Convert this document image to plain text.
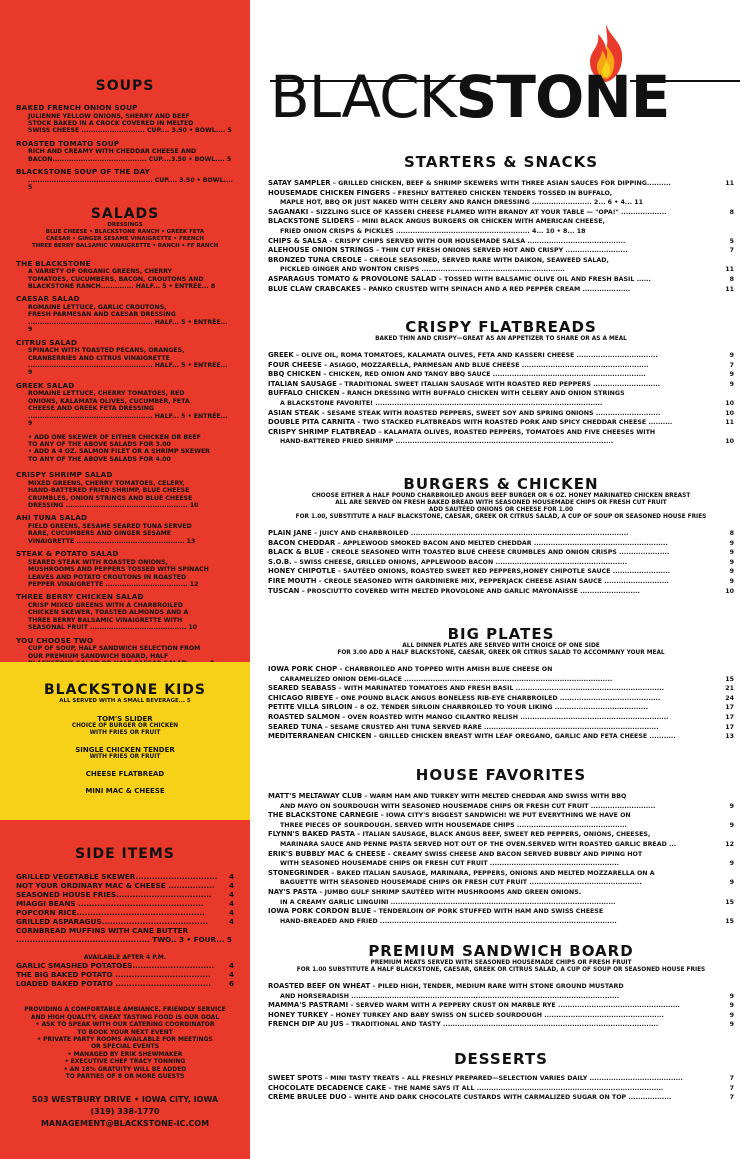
SOUPS
BAKED FRENCH ONION SOUP
JULIENNE YELLOW ONIONS, SHERRY AND BEEF
STOCK BAKED IN A CROCK COVERED IN MELTED
SWISS CHEESE ........................... CUP.... 3.50 • BOWL.... 5
ROASTED TOMATO SOUP
RICH AND CREAMY WITH CHEDDAR CHEESE AND
BACON........................................ CUP....3.50 • BOWL.... 5
BLACKSTONE SOUP OF THE DAY
..................................................... CUP.... 3.50 • BOWL.... 5
SALADS
DRESSINGS
BLUE CHEESE • BLACKSTONE RANCH • GREEK FETA
CAESAR • GINGER SESAME VINAIGRETTE • FRENCH
THREE BERRY BALSAMIC VINAIGRETTE • RANCH • FF RANCH
THE BLACKSTONE
A VARIETY OF ORGANIC GREENS, CHERRY
TOMATOES, CUCUMBERS, BACON, CROUTONS AND
BLACKSTONE RANCH.............. HALF... 5 • ENTRÉE... 8
CAESAR SALAD
ROMAINE LETTUCE, GARLIC CROUTONS,
FRESH PARMESAN AND CAESAR DRESSING
..................................................... HALF... 5 • ENTRÉE... 9
CITRUS SALAD
SPINACH WITH TOASTED PECANS, ORANGES,
CRANBERRIES AND CITRUS VINAIGRETTE
..................................................... HALF... 5 • ENTRÉE... 9
GREEK SALAD
ROMAINE LETTUCE, CHERRY TOMATOES, RED
ONIONS, KALAMATA OLIVES, CUCUMBER, FETA
CHEESE AND GREEK FETA DRESSING
..................................................... HALF... 5 • ENTRÉE... 9
• ADD ONE SKEWER OF EITHER CHICKEN OR BEEF
TO ANY OF THE ABOVE SALADS FOR 3.00
• ADD A 4 OZ. SALMON FILET OR A SHRIMP SKEWER
TO ANY OF THE ABOVE SALADS FOR 4.00
CRISPY SHRIMP SALAD
MIXED GREENS, CHERRY TOMATOES, CELERY,
HAND-BATTERED FRIED SHRIMP, BLUE CHEESE
CRUMBLES, ONION STRINGS AND BLUE CHEESE
DRESSING .................................................... 10
AHI TUNA SALAD
FIELD GREENS, SESAME SEARED TUNA SERVED
RARE, CUCUMBERS AND GINGER SESAME
VINAIGRETTE .............................................. 13
STEAK & POTATO SALAD
SEARED STEAK WITH ROASTED ONIONS,
MUSHROOMS AND PEPPERS TOSSED WITH SPINACH
LEAVES AND POTATO CROUTONS IN ROASTED
PEPPER VINAIGRETTE ................................... 12
THREE BERRY CHICKEN SALAD
CRISP MIXED GREENS WITH A CHARBROILED
CHICKEN SKEWER, TOASTED ALMONDS AND A
THREE BERRY BALSAMIC VINAIGRETTE WITH
SEASONAL FRUIT ......................................... 10
YOU CHOOSE TWO
CUP OF SOUP, HALF SANDWICH SELECTION FROM
OUR PREMIUM SANDWICH BOARD, HALF
BLACKSTONE KIDS
ALL SERVED WITH A SMALL BEVERAGE... 5
TOM'S SLIDER
CHOICE OF BURGER OR CHICKEN
WITH FRIES OR FRUIT
SINGLE CHICKEN TENDER
WITH FRIES OR FRUIT
CHEESE FLATBREAD
MINI MAC & CHEESE
SIDE ITEMS
GRILLED VEGETABLE SKEWER.............................. 4
NOT YOUR ORDINARY MAC & CHEESE ................. 4
SEASONED HOUSE FRIES................................... 4
MIAGGI BEANS ..............................................	4
POPCORN RICE...............................................	4
GRILLED ASPARAGUS.......................................	4
CORNBREAD MUFFINS WITH CANE BUTTER
................................................. TWO.. 3 • FOUR... 5
AVAILABLE AFTER 4 P.M.
GARLIC SMASHED POTATOES.............................. 4
THE BIG BAKED POTATO ...................................	4
LOADED BAKED POTATO ...................................	6
PROVIDING A COMFORTABLE AMBIANCE, FRIENDLY SERVICE
AND HIGH QUALITY, GREAT TASTING FOOD IS OUR GOAL
• ASK TO SPEAK WITH OUR CATERING COORDINATOR
TO BOOK YOUR NEXT EVENT
• PRIVATE PARTY ROOMS AVAILABLE FOR MEETINGS
OR SPECIAL EVENTS
• MANAGED BY ERIK SHEWMAKER
• EXECUTIVE CHEF TRACY TONNING
• AN 18% GRATUITY WILL BE ADDED
TO PARTIES OF 8 OR MORE GUESTS
503 WESTBURY DRIVE • IOWA CITY, IOWA
(319) 338-1770
MANAGEMENT@BLACKSTONE-IC.COM
BLACKSTONE
STARTERS & SNACKS
SATAY SAMPLER – GRILLED CHICKEN, BEEF & SHRIMP SKEWERS WITH THREE ASIAN SAUCES FOR DIPPING..........	11
HOUSEMADE CHICKEN FINGERS – FRESHLY BATTERED CHICKEN TENDERS TOSSED IN BUFFALO,
MAPLE HOT, BBQ OR JUST NAKED WITH CELERY AND RANCH DRESSING ......................... 2... 6 • 4... 11
SAGANAKI – SIZZLING SLICE OF KASSERI CHEESE FLAMED WITH BRANDY AT YOUR TABLE — "OPA!" ...................	8
BLACKSTONE SLIDERS – MINI BLACK ANGUS BURGERS OR CHICKEN WITH AMERICAN CHEESE,
FRIED ONION CRISPS & PICKLES ........................................................ 4... 10 • 8... 18
CHIPS & SALSA – CRISPY CHIPS SERVED WITH OUR HOUSEMADE SALSA .........................................	5
ALEHOUSE ONION STRINGS – THIN CUT FRESH ONIONS SERVED HOT AND CRISPY ..........................	7
BRONZED TUNA CREOLE – CREOLE SEASONED, SERVED RARE WITH DAIKON, SEAWEED SALAD,
PICKLED GINGER AND WONTON CRISPS ............................................................	11
ASPARAGUS TOMATO & PROVOLONE SALAD – TOSSED WITH BALSAMIC OLIVE OIL AND FRESH BASIL ......	8
BLUE CLAW CRABCAKES – PANKO CRUSTED WITH SPINACH AND A RED PEPPER CREAM ....................	11
CRISPY FLATBREADS
BAKED THIN AND CRISPY—GREAT AS AN APPETIZER TO SHARE OR AS A MEAL
GREEK – OLIVE OIL, ROMA TOMATOES, KALAMATA OLIVES, FETA AND KASSERI CHEESE ..................................	9
FOUR CHEESE – ASIAGO, MOZZARELLA, PARMESAN AND BLUE CHEESE .....................................................	7
BBQ CHICKEN – CHICKEN, RED ONION AND TANGY BBQ SAUCE ................................................................	9
ITALIAN SAUSAGE – TRADITIONAL SWEET ITALIAN SAUSAGE WITH ROASTED RED PEPPERS ............................	9
BUFFALO CHICKEN – RANCH DRESSING WITH BUFFALO CHICKEN WITH CELERY AND ONION STRINGS
A BLACKSTONE FAVORITE! ...............................................................................................	10
ASIAN STEAK – SESAME STEAK WITH ROASTED PEPPERS, SWEET SOY AND SPRING ONIONS ...........................	10
DOUBLE PITA CARNITA – TWO STACKED FLATBREADS WITH ROASTED PORK AND SPICY CHEDDAR CHEESE ..........	11
CRISPY SHRIMP FLATBREAD – KALAMATA OLIVES, ROASTED PEPPERS, TOMATOES AND FIVE CHEESES WITH
HAND-BATTERED FRIED SHRIMP ...........................................................................................	10
BURGERS & CHICKEN
CHOOSE EITHER A HALF POUND CHARBROILED ANGUS BEEF BURGER OR 6 OZ. HONEY MARINATED CHICKEN BREAST
ALL ARE SERVED ON FRESH BAKED BREAD WITH SEASONED HOUSEMADE CHIPS OR FRESH CUT FRUIT
ADD SAUTÉED ONIONS OR CHEESE FOR 1.00
FOR 1.00, SUBSTITUTE A HALF BLACKSTONE, CAESAR, GREEK OR CITRUS SALAD, A CUP OF SOUP OR SEASONED HOUSE FRIES
PLAIN JANE – JUICY AND CHARBROILED ...........................................................................................	8
BACON CHEDDAR – APPLEWOOD SMOKED BACON AND MELTED CHEDDAR ........................................................	9
BLACK & BLUE – CREOLE SEASONED WITH TOASTED BLUE CHEESE CRUMBLES AND ONION CRISPS .....................	9
S.O.B. – SWISS CHEESE, GRILLED ONIONS, APPLEWOOD BACON .......................................................	9
HONEY CHIPOTLE – SAUTÉED ONIONS, ROASTED SWEET RED PEPPERS,HONEY CHIPOTLE SAUCE ........................	9
FIRE MOUTH – CREOLE SEASONED WITH GARDINIERE MIX, PEPPERJACK CHEESE ASIAN SAUCE ...........................	9
TUSCAN – PROSCIUTTO COVERED WITH MELTED PROVOLONE AND GARLIC MAYONAISSE .........................	10
BIG PLATES
ALL DINNER PLATES ARE SERVED WITH CHOICE OF ONE SIDE
FOR 3.00 ADD A HALF BLACKSTONE, CAESAR, GREEK OR CITRUS SALAD TO ACCOMPANY YOUR MEAL
IOWA PORK CHOP – CHARBROILED AND TOPPED WITH AMISH BLUE CHEESE ON
CARAMELIZED ONION DEMI-GLACE .......................................................................................	15
SEARED SEABASS – WITH MARINATED TOMATOES AND FRESH BASIL ..............................................................	21
CHICAGO RIBEYE – ONE POUND BLACK ANGUS BONELESS RIB-EYE CHARBROILED ..........................................	24
PETITE VILLA SIRLOIN – 8 OZ. TENDER SIRLOIN CHARBROILED TO YOUR LIKING .......................................	17
ROASTED SALMON – OVEN ROASTED WITH MANGO CILANTRO RELISH ..............................................................	17
SEARED TUNA – SESAME CRUSTED AHI TUNA SERVED RARE .........................................................................	17
MEDITERRANEAN CHICKEN – GRILLED CHICKEN BREAST WITH LEAF OREGANO, GARLIC AND FETA CHEESE ...........	13
HOUSE FAVORITES
MATT'S MELTAWAY CLUB – WARM HAM AND TURKEY WITH MELTED CHEDDAR AND SWISS WITH BBQ
AND MAYO ON SOURDOUGH WITH SEASONED HOUSEMADE CHIPS OR FRESH CUT FRUIT ...........................	9
THE BLACKSTONE CARNEGIE – IOWA CITY'S BIGGEST SANDWICH! WE PUT EVERYTHING WE HAVE ON
THREE PIECES OF SOURDOUGH. SERVED WITH HOUSEMADE CHIPS ..............................................	9
FLYNN'S BAKED PASTA – ITALIAN SAUSAGE, BLACK ANGUS BEEF, SWEET RED PEPPERS, ONIONS, CHEESES,
MARINARA SAUCE AND PENNE PASTA SERVED HOT OUT OF THE OVEN.SERVED WITH ROASTED GARLIC BREAD ...	12
ERIK'S BUBBLY MAC & CHEESE – CREAMY SWISS CHEESE AND BACON SERVED BUBBLY AND PIPING HOT
WITH SEASONED HOUSEMADE CHIPS OR FRESH CUT FRUIT ......................................................	9
STONEGRINDER – BAKED ITALIAN SAUSAGE, MARINARA, PEPPERS, ONIONS AND MELTED MOZZARELLA ON A
BAGUETTE WITH SEASONED HOUSEMADE CHIPS OR FRESH CUT FRUIT ...............................................	9
NAY'S PASTA – JUMBO GULF SHRIMP SAUTÉED WITH MUSHROOMS AND GREEN ONIONS.
IN A CREAMY GARLIC LINGUINI ..............................................................................................	15
IOWA PORK CORDON BLUE – TENDERLOIN OF PORK STUFFED WITH HAM AND SWISS CHEESE
HAND-BREADED AND FRIED ...................................................................................................	15
PREMIUM SANDWICH BOARD
PREMIUM MEATS SERVED WITH SEASONED HOUSEMADE CHIPS OR FRESH FRUIT
FOR 1.00 SUBSTITUTE A HALF BLACKSTONE, CAESAR, GREEK OR CITRUS SALAD, A CUP OF SOUP OR SEASONED HOUSE FRIES
ROASTED BEEF ON WHEAT – PILED HIGH, TENDER, MEDIUM RARE WITH STONE GROUND MUSTARD
AND HORSERADISH ................................................................................................................	9
MAMMA'S PASTRAMI – SERVED WARM WITH A PEPPERY CRUST ON MARBLE RYE ...................................................	9
HONEY TURKEY – HONEY TURKEY AND BABY SWISS ON SLICED SOURDOUGH ..................................................	9
FRENCH DIP AU JUS – TRADITIONAL AND TASTY ..........................................................................................	9
DESSERTS
SWEET SPOTS – MINI TASTY TREATS – ALL FRESHLY PREPARED—SELECTION VARIES DAILY .......................................	7
CHOCOLATE DECADENCE CAKE – THE NAME SAYS IT ALL ..............................................................................	7
CRÈME BRULEE DUO – WHITE AND DARK CHOCOLATE CUSTARDS WITH CARMALIZED SUGAR ON TOP ..................	7
